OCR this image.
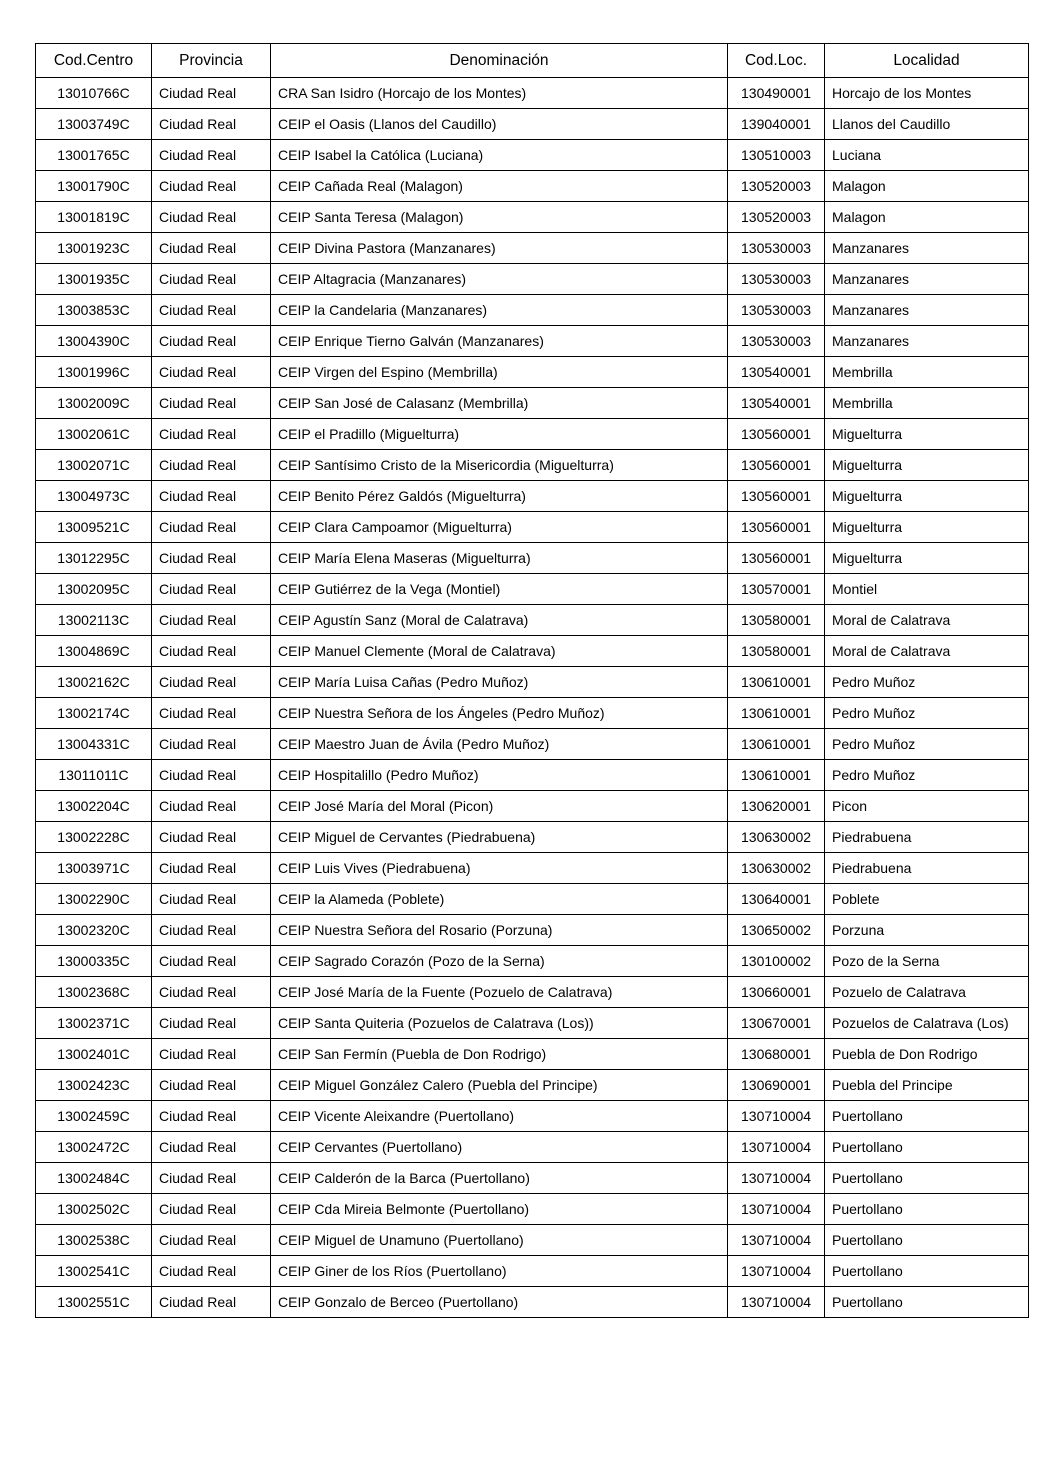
Cod.Centro	Provincia	Denominación	Cod.Loc.	Localidad
13010766C	Ciudad Real	CRA San Isidro (Horcajo de los Montes)	130490001	Horcajo de los Montes
13003749C	Ciudad Real	CEIP el Oasis (Llanos del Caudillo)	139040001	Llanos del Caudillo
13001765C	Ciudad Real	CEIP Isabel la Católica (Luciana)	130510003	Luciana
13001790C	Ciudad Real	CEIP Cañada Real (Malagon)	130520003	Malagon
13001819C	Ciudad Real	CEIP Santa Teresa (Malagon)	130520003	Malagon
13001923C	Ciudad Real	CEIP Divina Pastora (Manzanares)	130530003	Manzanares
13001935C	Ciudad Real	CEIP Altagracia (Manzanares)	130530003	Manzanares
13003853C	Ciudad Real	CEIP la Candelaria (Manzanares)	130530003	Manzanares
13004390C	Ciudad Real	CEIP Enrique Tierno Galván (Manzanares)	130530003	Manzanares
13001996C	Ciudad Real	CEIP Virgen del Espino (Membrilla)	130540001	Membrilla
13002009C	Ciudad Real	CEIP San José de Calasanz (Membrilla)	130540001	Membrilla
13002061C	Ciudad Real	CEIP el Pradillo (Miguelturra)	130560001	Miguelturra
13002071C	Ciudad Real	CEIP Santísimo Cristo de la Misericordia (Miguelturra)	130560001	Miguelturra
13004973C	Ciudad Real	CEIP Benito Pérez Galdós (Miguelturra)	130560001	Miguelturra
13009521C	Ciudad Real	CEIP Clara Campoamor (Miguelturra)	130560001	Miguelturra
13012295C	Ciudad Real	CEIP María Elena Maseras (Miguelturra)	130560001	Miguelturra
13002095C	Ciudad Real	CEIP Gutiérrez de la Vega (Montiel)	130570001	Montiel
13002113C	Ciudad Real	CEIP Agustín Sanz (Moral de Calatrava)	130580001	Moral de Calatrava
13004869C	Ciudad Real	CEIP Manuel Clemente (Moral de Calatrava)	130580001	Moral de Calatrava
13002162C	Ciudad Real	CEIP María Luisa Cañas (Pedro Muñoz)	130610001	Pedro Muñoz
13002174C	Ciudad Real	CEIP Nuestra Señora de los Ángeles (Pedro Muñoz)	130610001	Pedro Muñoz
13004331C	Ciudad Real	CEIP Maestro Juan de Ávila (Pedro Muñoz)	130610001	Pedro Muñoz
13011011C	Ciudad Real	CEIP Hospitalillo (Pedro Muñoz)	130610001	Pedro Muñoz
13002204C	Ciudad Real	CEIP José María del Moral (Picon)	130620001	Picon
13002228C	Ciudad Real	CEIP Miguel de Cervantes (Piedrabuena)	130630002	Piedrabuena
13003971C	Ciudad Real	CEIP Luis Vives (Piedrabuena)	130630002	Piedrabuena
13002290C	Ciudad Real	CEIP la Alameda (Poblete)	130640001	Poblete
13002320C	Ciudad Real	CEIP Nuestra Señora del Rosario (Porzuna)	130650002	Porzuna
13000335C	Ciudad Real	CEIP Sagrado Corazón (Pozo de la Serna)	130100002	Pozo de la Serna
13002368C	Ciudad Real	CEIP José María de la Fuente (Pozuelo de Calatrava)	130660001	Pozuelo de Calatrava
13002371C	Ciudad Real	CEIP Santa Quiteria (Pozuelos de Calatrava (Los))	130670001	Pozuelos de Calatrava (Los)
13002401C	Ciudad Real	CEIP San Fermín (Puebla de Don Rodrigo)	130680001	Puebla de Don Rodrigo
13002423C	Ciudad Real	CEIP Miguel González Calero (Puebla del Principe)	130690001	Puebla del Principe
13002459C	Ciudad Real	CEIP Vicente Aleixandre (Puertollano)	130710004	Puertollano
13002472C	Ciudad Real	CEIP Cervantes (Puertollano)	130710004	Puertollano
13002484C	Ciudad Real	CEIP Calderón de la Barca (Puertollano)	130710004	Puertollano
13002502C	Ciudad Real	CEIP Cda Mireia Belmonte (Puertollano)	130710004	Puertollano
13002538C	Ciudad Real	CEIP Miguel de Unamuno (Puertollano)	130710004	Puertollano
13002541C	Ciudad Real	CEIP Giner de los Ríos (Puertollano)	130710004	Puertollano
13002551C	Ciudad Real	CEIP Gonzalo de Berceo (Puertollano)	130710004	Puertollano
